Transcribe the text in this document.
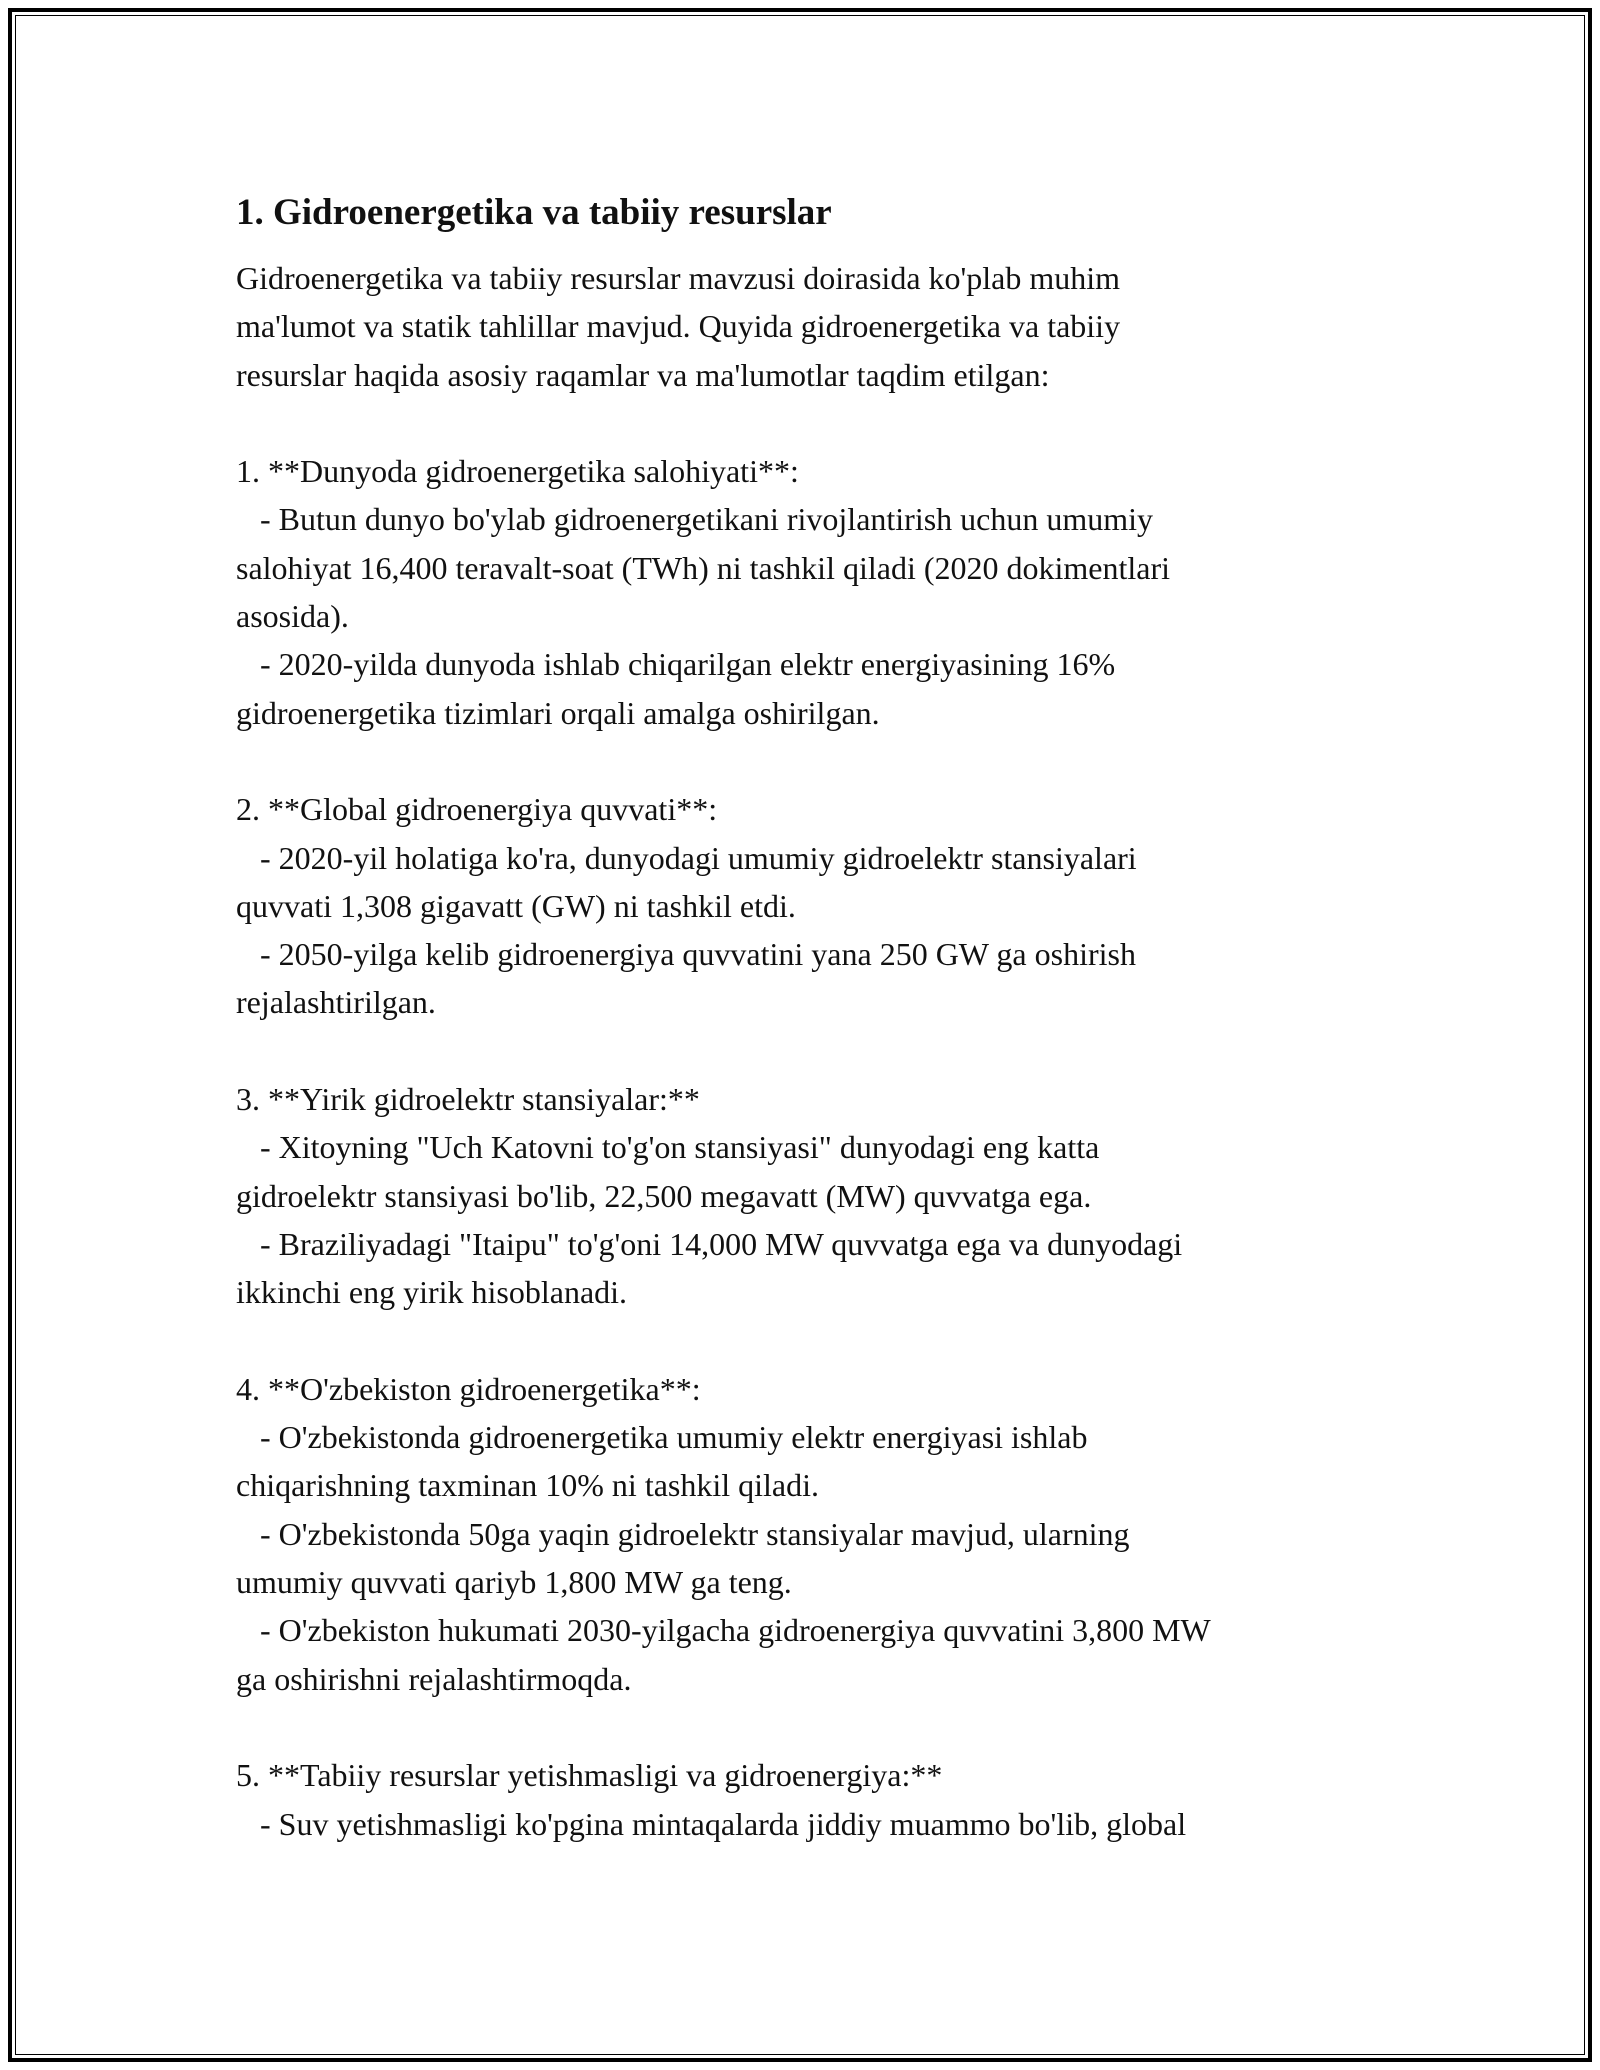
1. Gidroenergetika va tabiiy resurslar

Gidroenergetika va tabiiy resurslar mavzusi doirasida ko'plab muhim
ma'lumot va statik tahlillar mavjud. Quyida gidroenergetika va tabiiy
resurslar haqida asosiy raqamlar va ma'lumotlar taqdim etilgan:

1. **Dunyoda gidroenergetika salohiyati**:

- Butun dunyo bo'ylab gidroenergetikani rivojlantirish uchun umumiy
salohiyat 16,400 teravalt-soat (TWh) ni tashkil qiladi (2020 dokimentlari
asosida).
- 2020-yilda dunyoda ishlab chiqarilgan elektr energiyasining 16%
gidroenergetika tizimlari orqali amalga oshirilgan.

2. **Global gidroenergiya quvvati**:

- 2020-yil holatiga ko'ra, dunyodagi umumiy gidroelektr stansiyalari
quvvati 1,308 gigavatt (GW) ni tashkil etdi.
- 2050-yilga kelib gidroenergiya quvvatini yana 250 GW ga oshirish
rejalashtirilgan.

3. **Yirik gidroelektr stansiyalar:**

- Xitoyning "Uch Katovni to'g'on stansiyasi" dunyodagi eng katta
gidroelektr stansiyasi bo'lib, 22,500 megavatt (MW) quvvatga ega.
- Braziliyadagi "Itaipu" to'g'oni 14,000 MW quvvatga ega va dunyodagi
ikkinchi eng yirik hisoblanadi.

4. **O'zbekiston gidroenergetika**:

- O'zbekistonda gidroenergetika umumiy elektr energiyasi ishlab
chiqarishning taxminan 10% ni tashkil qiladi.
- O'zbekistonda 50ga yaqin gidroelektr stansiyalar mavjud, ularning
umumiy quvvati qariyb 1,800 MW ga teng.
- O'zbekiston hukumati 2030-yilgacha gidroenergiya quvvatini 3,800 MW
ga oshirishni rejalashtirmoqda.

5. **Tabiiy resurslar yetishmasligi va gidroenergiya:**

- Suv yetishmasligi ko'pgina mintaqalarda jiddiy muammo bo'lib, global
